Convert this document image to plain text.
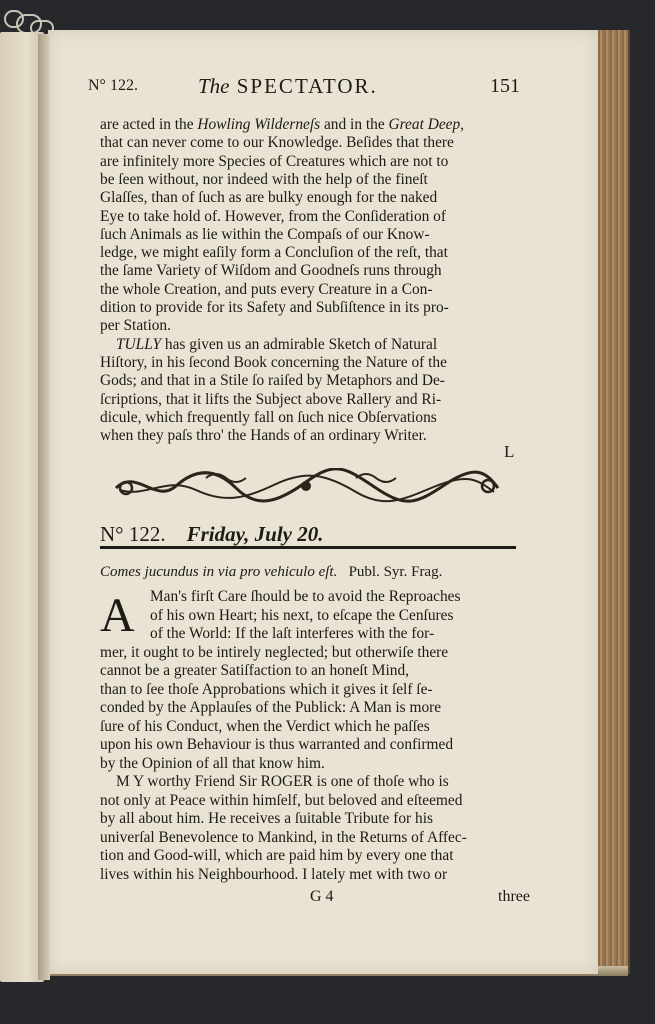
N° 122.	The SPECTATOR.	151
are acted in the Howling Wilderneſs and in the Great Deep,
that can never come to our Knowledge. Beſides that there
are infinitely more Species of Creatures which are not to
be ſeen without, nor indeed with the help of the fineſt
Glaſſes, than of ſuch as are bulky enough for the naked
Eye to take hold of. However, from the Conſideration of
ſuch Animals as lie within the Compaſs of our Know-
ledge, we might eaſily form a Concluſion of the reſt, that
the ſame Variety of Wiſdom and Goodneſs runs through
the whole Creation, and puts every Creature in a Con-
dition to provide for its Safety and Subſiſtence in its pro-
per Station.
TULLY has given us an admirable Sketch of Natural
Hiſtory, in his ſecond Book concerning the Nature of the
Gods; and that in a Stile ſo raiſed by Metaphors and De-
ſcriptions, that it lifts the Subject above Rallery and Ri-
dicule, which frequently fall on ſuch nice Obſervations
when they paſs thro' the Hands of an ordinary Writer.
L
N° 122. Friday, July 20.
Comes jucundus in via pro vehiculo eſt. Publ. Syr. Frag.
A Man's firſt Care ſhould be to avoid the Reproaches
of his own Heart; his next, to eſcape the Cenſures
of the World: If the laſt interferes with the for-
mer, it ought to be intirely neglected; but otherwiſe there
cannot be a greater Satiſfaction to an honeſt Mind,
than to ſee thoſe Approbations which it gives it ſelf ſe-
conded by the Applauſes of the Publick: A Man is more
ſure of his Conduct, when the Verdict which he paſſes
upon his own Behaviour is thus warranted and confirmed
by the Opinion of all that know him.
M Y worthy Friend Sir ROGER is one of thoſe who is
not only at Peace within himſelf, but beloved and eſteemed
by all about him. He receives a ſuitable Tribute for his
univerſal Benevolence to Mankind, in the Returns of Affec-
tion and Good-will, which are paid him by every one that
lives within his Neighbourhood. I lately met with two or
G 4	three
